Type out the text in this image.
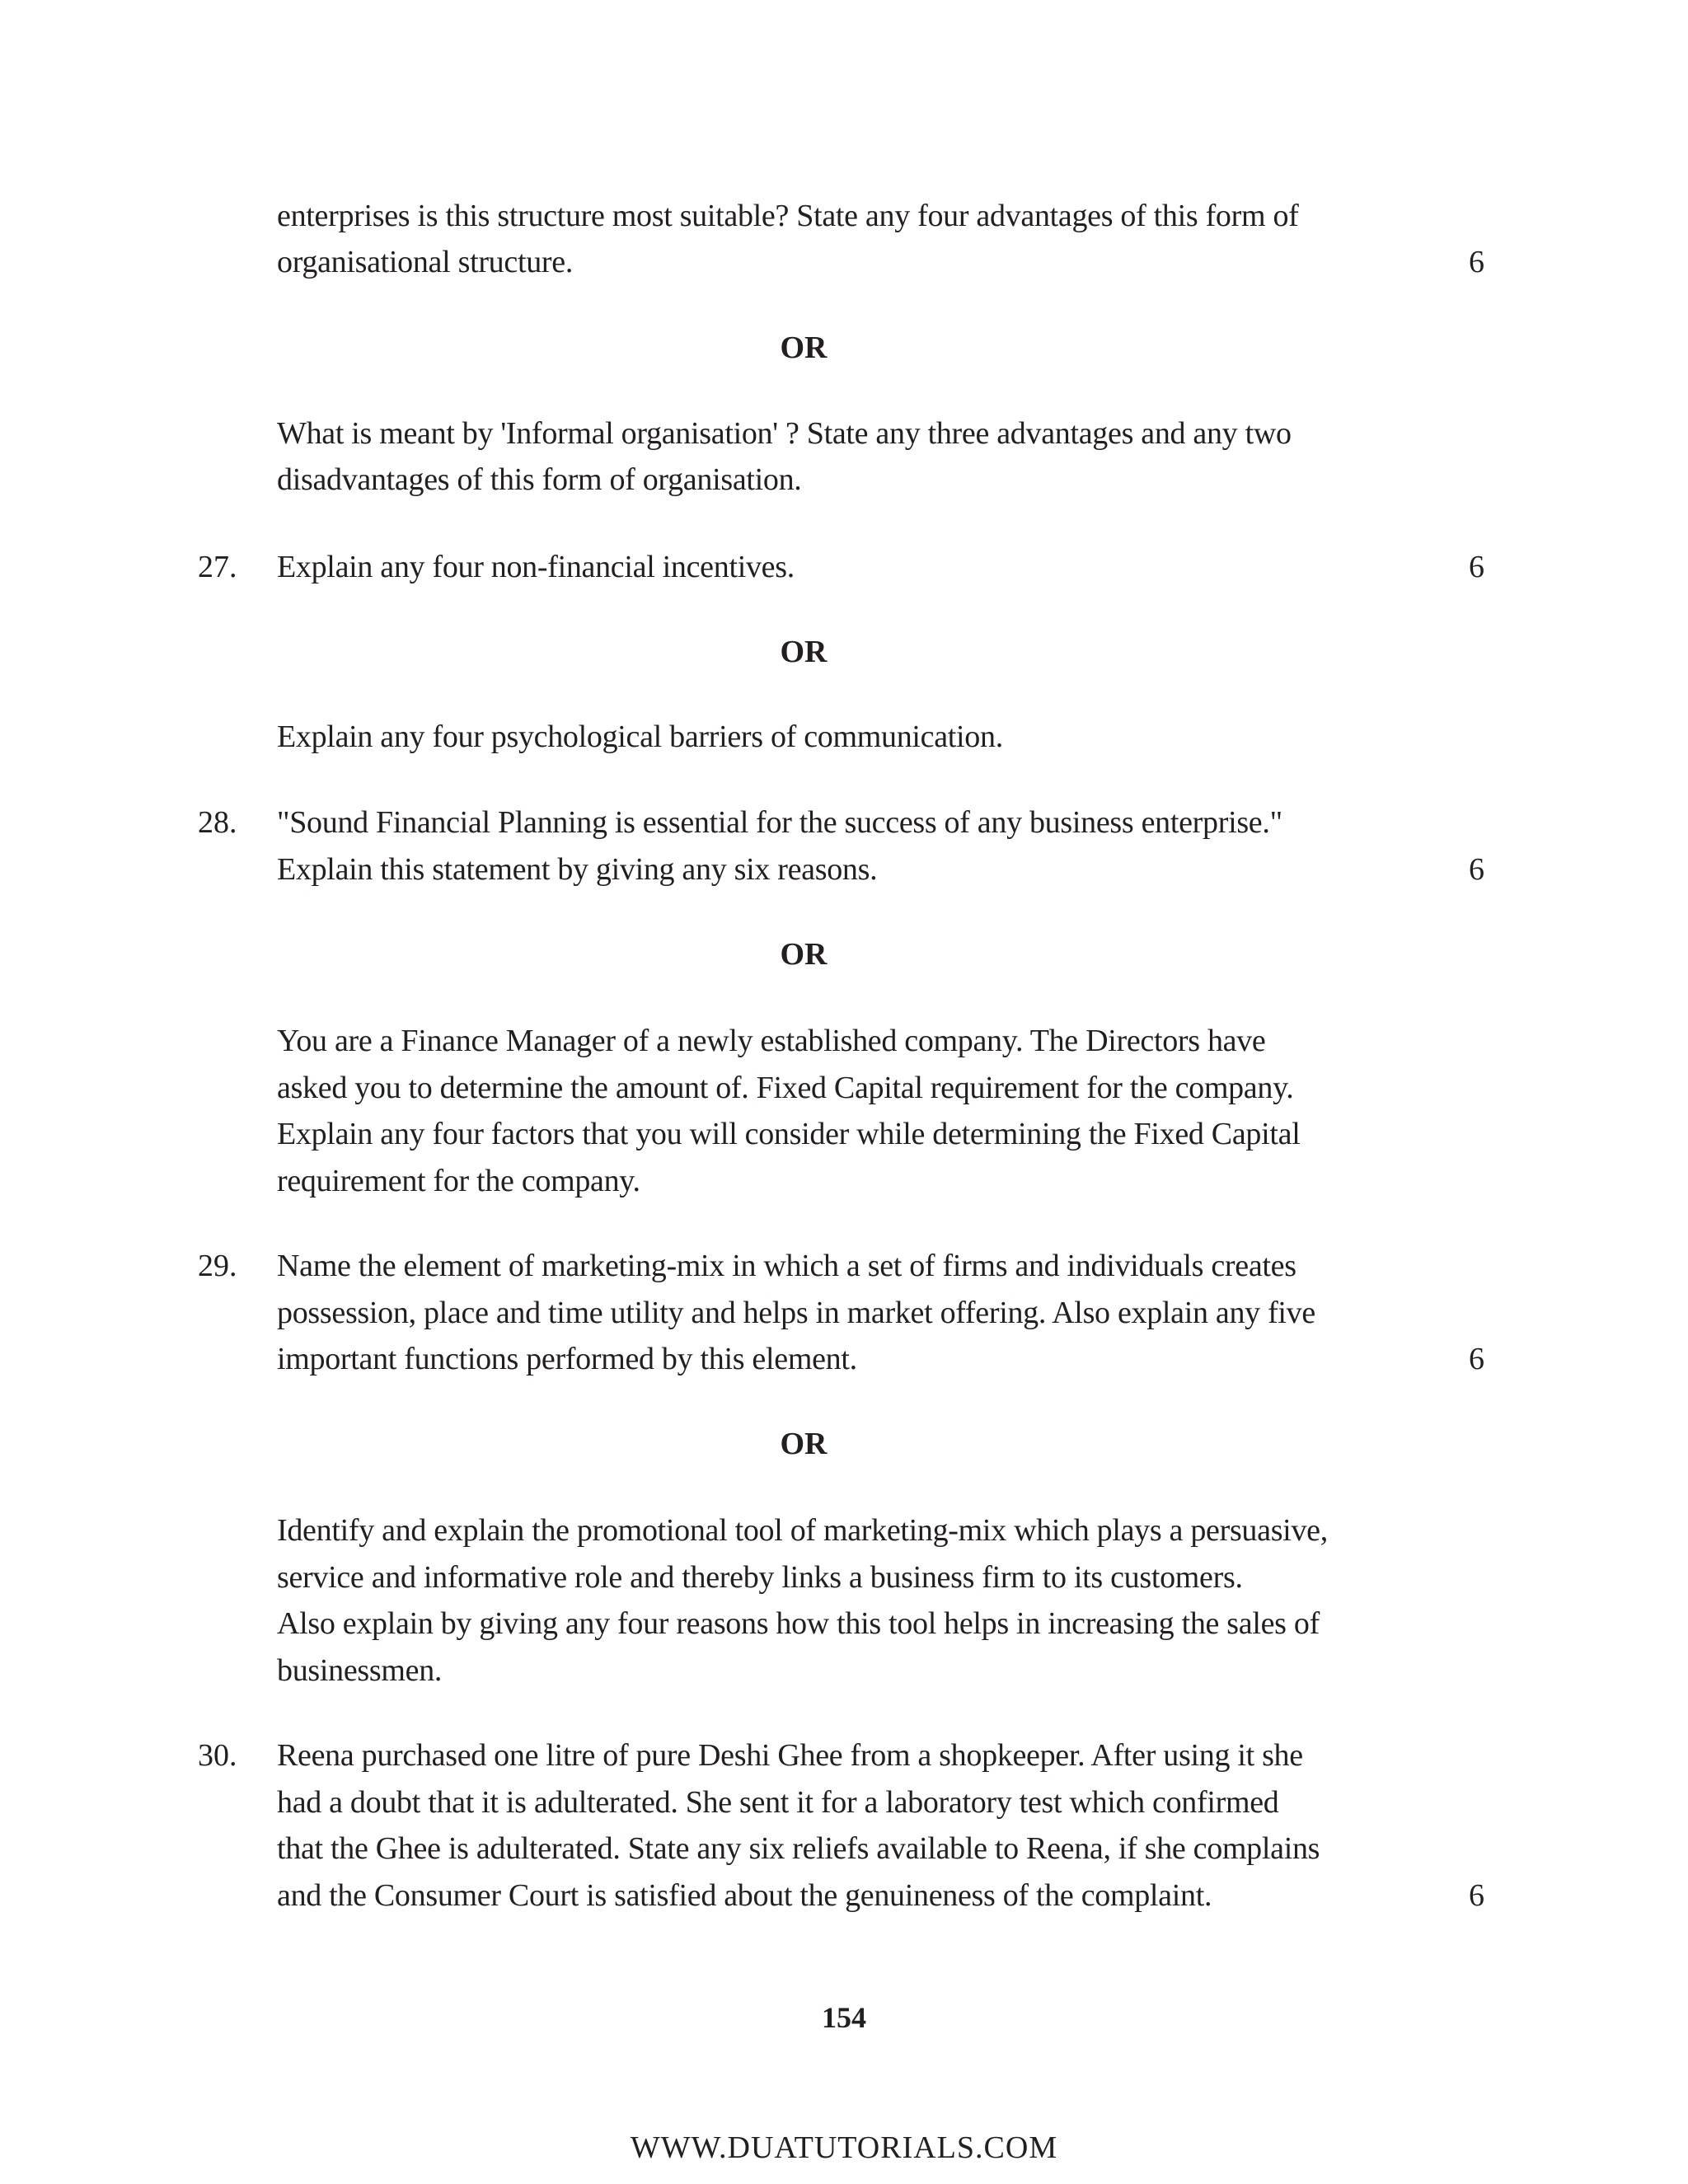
enterprises is this structure most suitable? State any four advantages of this form of
organisational structure.	6
OR
What is meant by 'Informal organisation' ? State any three advantages and any two
disadvantages of this form of organisation.
27. Explain any four non-financial incentives.	6
OR
Explain any four psychological barriers of communication.
28. "Sound Financial Planning is essential for the success of any business enterprise."
Explain this statement by giving any six reasons.	6
OR
You are a Finance Manager of a newly established company. The Directors have
asked you to determine the amount of. Fixed Capital requirement for the company.
Explain any four factors that you will consider while determining the Fixed Capital
requirement for the company.
29. Name the element of marketing-mix in which a set of firms and individuals creates
possession, place and time utility and helps in market offering. Also explain any five
important functions performed by this element.	6
OR
Identify and explain the promotional tool of marketing-mix which plays a persuasive,
service and informative role and thereby links a business firm to its customers.
Also explain by giving any four reasons how this tool helps in increasing the sales of
businessmen.
30. Reena purchased one litre of pure Deshi Ghee from a shopkeeper. After using it she
had a doubt that it is adulterated. She sent it for a laboratory test which confirmed
that the Ghee is adulterated. State any six reliefs available to Reena, if she complains
and the Consumer Court is satisfied about the genuineness of the complaint.	6
154
WWW.DUATUTORIALS.COM
